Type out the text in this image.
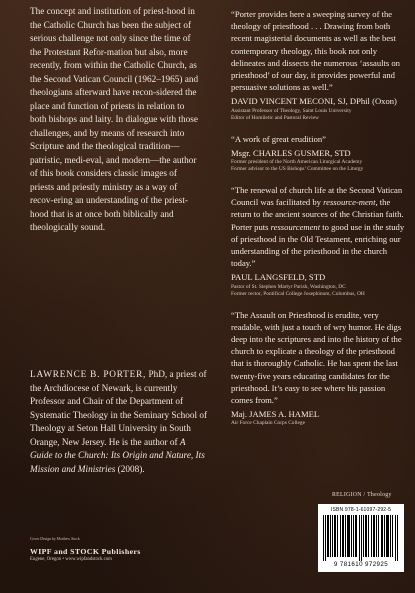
The concept and institution of priest-hood in the Catholic Church has been the subject of serious challenge not only since the time of the Protestant Refor-mation but also, more recently, from within the Catholic Church, as the Second Vatican Council (1962–1965) and theologians afterward have recon-sidered the place and function of priests in relation to both bishops and laity. In dialogue with those challenges, and by means of research into Scripture and the theological tradition—patristic, medi-eval, and modern—the author of this book considers classic images of priests and priestly ministry as a way of recov-ering an understanding of the priest-hood that is at once both biblically and theologically sound.

LAWRENCE B. PORTER, PhD, a priest of the Archdiocese of Newark, is currently Professor and Chair of the Department of Systematic Theology in the Seminary School of Theology at Seton Hall University in South Orange, New Jersey. He is the author of A Guide to the Church: Its Origin and Nature, Its Mission and Ministries (2008).

“Porter provides here a sweeping survey of the theology of priesthood . . . Drawing from both recent magisterial documents as well as the best contemporary theology, this book not only delineates and dissects the numerous ‘assaults on priesthood’ of our day, it provides powerful and persuasive solutions as well.”

DAVID VINCENT MECONI, SJ, DPhil (Oxon)

Assistant Professor of Theology, Saint Louis University
Editor of Homiletic and Pastoral Review

“A work of great erudition”

Msgr. CHARLES GUSMER, STD

Former president of the North American Liturgical Academy
Former advisor to the US Bishops’ Committee on the Liturgy

“The renewal of church life at the Second Vatican Council was facilitated by ressource-ment, the return to the ancient sources of the Christian faith. Porter puts ressourcement to good use in the study of priesthood in the Old Testament, enriching our understanding of the priesthood in the church today.”

PAUL LANGSFELD, STD

Pastor of St. Stephen Martyr Parish, Washington, DC
Former rector, Pontifical College Josephinum, Columbus, OH

“The Assault on Priesthood is erudite, very readable, with just a touch of wry humor. He digs deep into the scriptures and into the history of the church to explicate a theology of the priesthood that is thoroughly Catholic. He has spent the last twenty-five years educating candidates for the priesthood. It’s easy to see where his passion comes from.”

Maj. JAMES A. HAMEL

Air Force Chaplain Corps College
RELIGION / Theology
ISBN 978-1-61097-292-5
9 781610 972925
Cover Design by Matthew Stock
WIPF and STOCK Publishers
Eugene, Oregon • www.wipfandstock.com
